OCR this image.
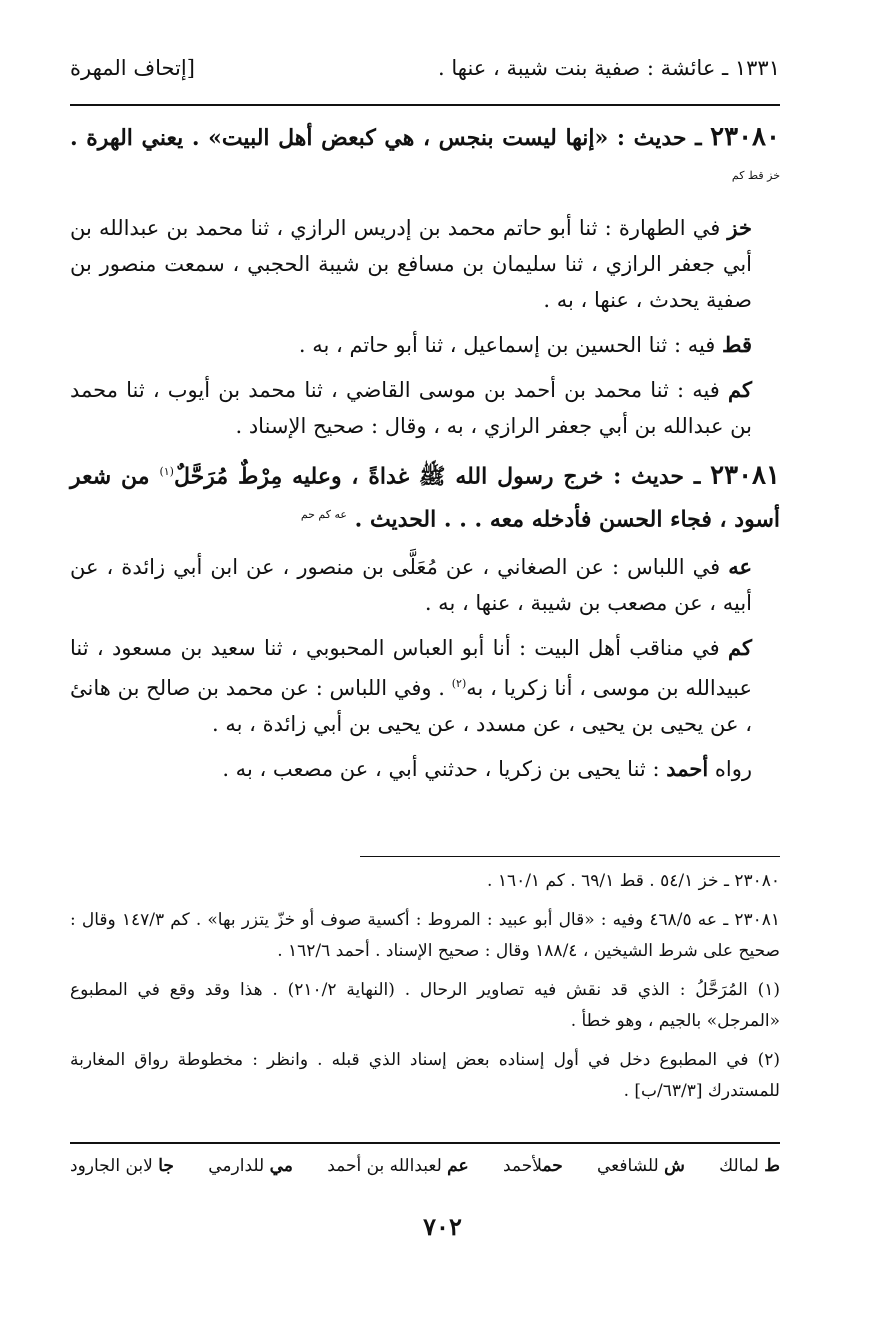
١٣٣١ ـ عائشة : صفية بنت شيبة ، عنها .
[إتحاف المهرة
٢٣٠٨٠ ـ حديث : «إنها ليست بنجس ، هي كبعض أهل البيت» . يعني الهرة . $^{خز قط كم}$

خز في الطهارة : ثنا أبو حاتم محمد بن إدريس الرازي ، ثنا محمد بن عبدالله بن أبي جعفر الرازي ، ثنا سليمان بن مسافع بن شيبة الحجبي ، سمعت منصور بن صفية يحدث ، عنها ، به .

قط فيه : ثنا الحسين بن إسماعيل ، ثنا أبو حاتم ، به .

كم فيه : ثنا محمد بن أحمد بن موسى القاضي ، ثنا محمد بن أيوب ، ثنا محمد بن عبدالله بن أبي جعفر الرازي ، به ، وقال : صحيح الإسناد .

٢٣٠٨١ ـ حديث : خرج رسول الله ﷺ غداةً ، وعليه مِرْطٌ مُرَحَّلٌ$^{(١)}$ من شعر أسود ، فجاء الحسن فأدخله معه . . . الحديث . $^{عه كم حم}$

عه في اللباس : عن الصغاني ، عن مُعَلَّى بن منصور ، عن ابن أبي زائدة ، عن أبيه ، عن مصعب بن شيبة ، عنها ، به .

كم في مناقب أهل البيت : أنا أبو العباس المحبوبي ، ثنا سعيد بن مسعود ، ثنا عبيدالله بن موسى ، أنا زكريا ، به$^{(٢)}$ . وفي اللباس : عن محمد بن صالح بن هانئ ، عن يحيى بن يحيى ، عن مسدد ، عن يحيى بن أبي زائدة ، به .

رواه أحمد : ثنا يحيى بن زكريا ، حدثني أبي ، عن مصعب ، به .

٢٣٠٨٠ ـ خز ٥٤/١ . قط ٦٩/١ . كم ١٦٠/١ .

٢٣٠٨١ ـ عه ٤٦٨/٥ وفيه : «قال أبو عبيد : المروط : أكسية صوف أو خزّ يتزر بها» . كم ١٤٧/٣ وقال : صحيح على شرط الشيخين ، ١٨٨/٤ وقال : صحيح الإسناد . أحمد ١٦٢/٦ .

(١) المُرَحَّلُ : الذي قد نقش فيه تصاوير الرحال . (النهاية ٢١٠/٢) . هذا وقد وقع في المطبوع «المرجل» بالجيم ، وهو خطأ .

(٢) في المطبوع دخل في أول إسناده بعض إسناد الذي قبله . وانظر : مخطوطة رواق المغاربة للمستدرك [٦٣/٣/ب] .

ط لمالك
ش للشافعي
حملأحمد
عم لعبدالله بن أحمد
مي للدارمي
جا لابن الجارود
٧٠٢
